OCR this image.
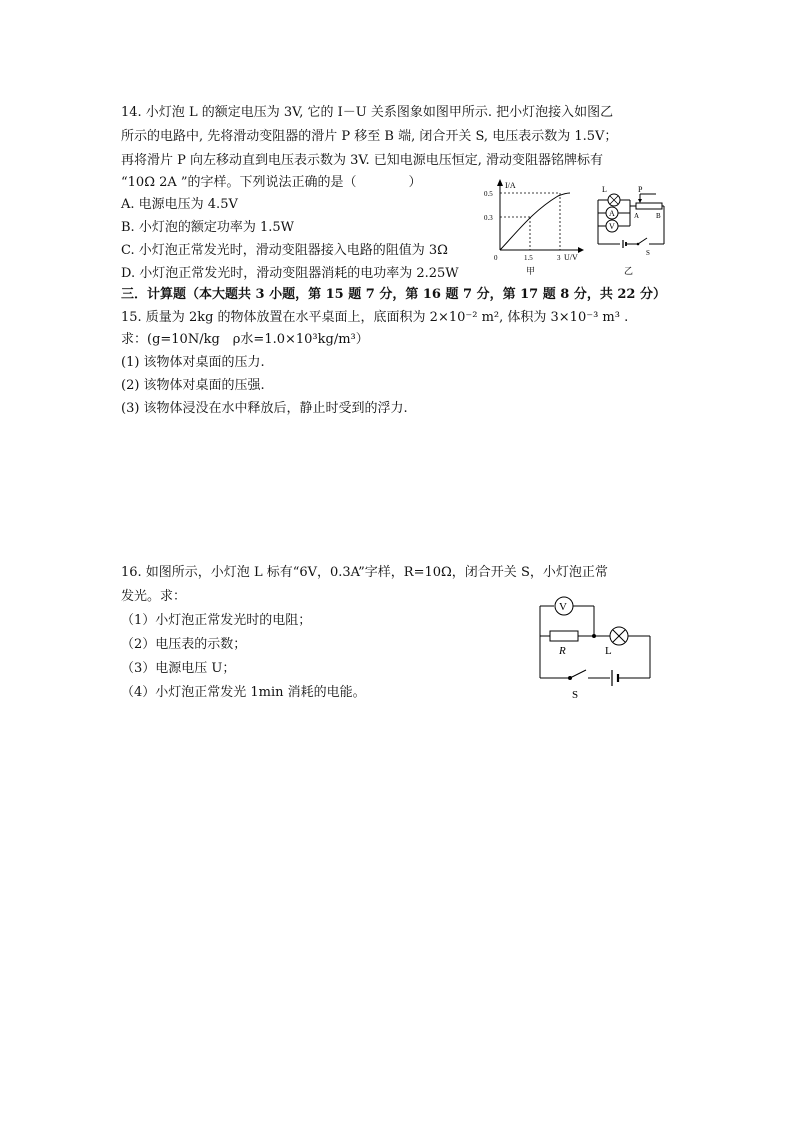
14. 小灯泡 L 的额定电压为 3V, 它的 I－U 关系图象如图甲所示. 把小灯泡接入如图乙
所示的电路中, 先将滑动变阻器的滑片 P 移至 B 端, 闭合开关 S, 电压表示数为 1.5V；
再将滑片 P 向左移动直到电压表示数为 3V. 已知电源电压恒定, 滑动变阻器铭牌标有
“10Ω 2A ”的字样。下列说法正确的是（　　　　）
A. 电源电压为 4.5V
B. 小灯泡的额定功率为 1.5W
C. 小灯泡正常发光时，滑动变阻器接入电路的阻值为 3Ω
D. 小灯泡正常发光时，滑动变阻器消耗的电功率为 2.25W
I/A
0.5
0.3
0	1.5	3 U/V
甲
A
V
P
A B
L
S
乙
三．计算题（本大题共 3 小题，第 15 题 7 分，第 16 题 7 分，第 17 题 8 分，共 22 分）
15. 质量为 2kg 的物体放置在水平桌面上，底面积为 2×10⁻² m², 体积为 3×10⁻³ m³ .
求：(g=10N/kg　ρ水=1.0×10³kg/m³）
(1) 该物体对桌面的压力.
(2) 该物体对桌面的压强.
(3) 该物体浸没在水中释放后，静止时受到的浮力.
16. 如图所示，小灯泡 L 标有“6V，0.3A”字样，R=10Ω，闭合开关 S，小灯泡正常
发光。求：
（1）小灯泡正常发光时的电阻；
（2）电压表的示数；
（3）电源电压 U；
（4）小灯泡正常发光 1min 消耗的电能。
V
R	L
S
